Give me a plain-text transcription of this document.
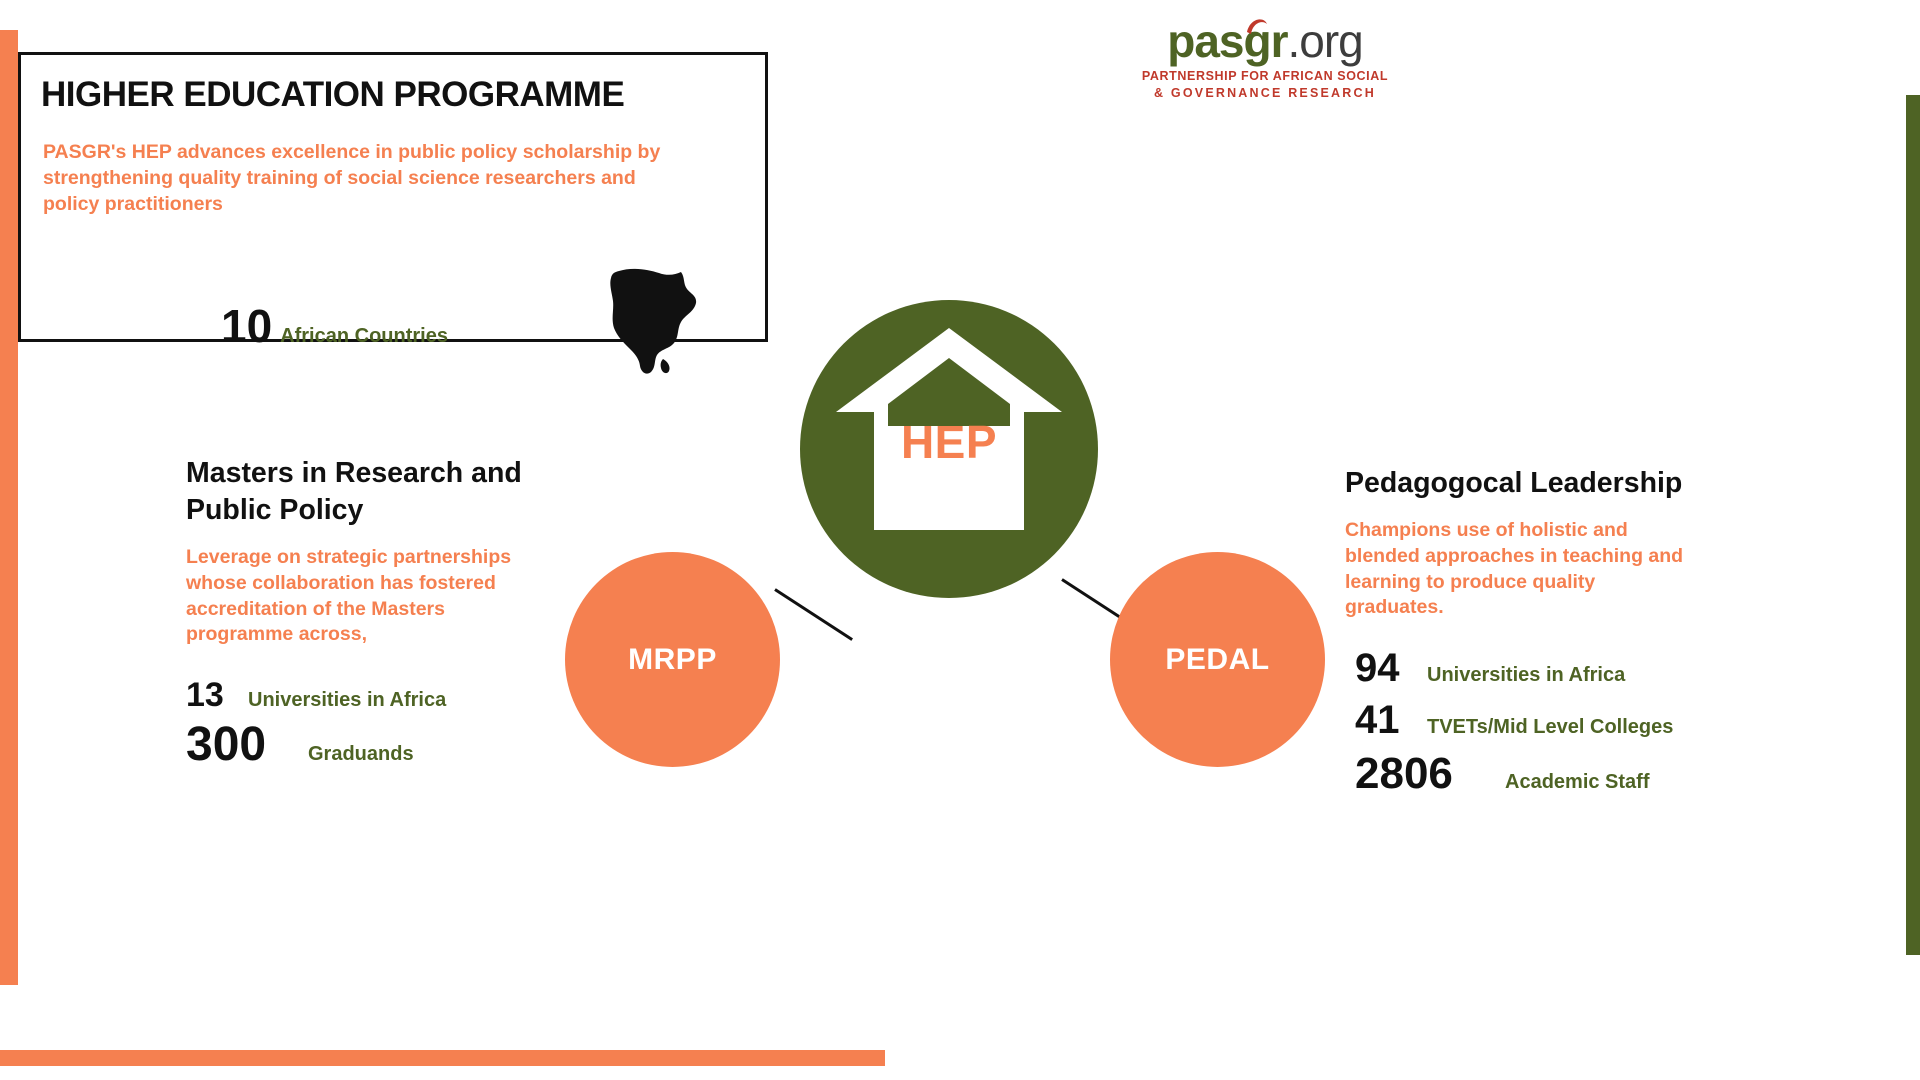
pas
gr.org
PARTNERSHIP FOR AFRICAN SOCIAL
& GOVERNANCE RESEARCH
HIGHER EDUCATION PROGRAMME
PASGR's HEP advances excellence in public policy scholarship by strengthening quality training of social science researchers and policy practitioners
10 African Countries
HEP
MRPP	PEDAL
Masters in Research and Public Policy
Leverage on strategic partnerships whose collaboration has fostered accreditation of the Masters programme across,
13	Universities in Africa
300	Graduands
Pedagogocal Leadership
Champions use of holistic and blended approaches in teaching and learning to produce quality graduates.
94	Universities in Africa
41	TVETs/Mid Level Colleges
2806	Academic Staff
